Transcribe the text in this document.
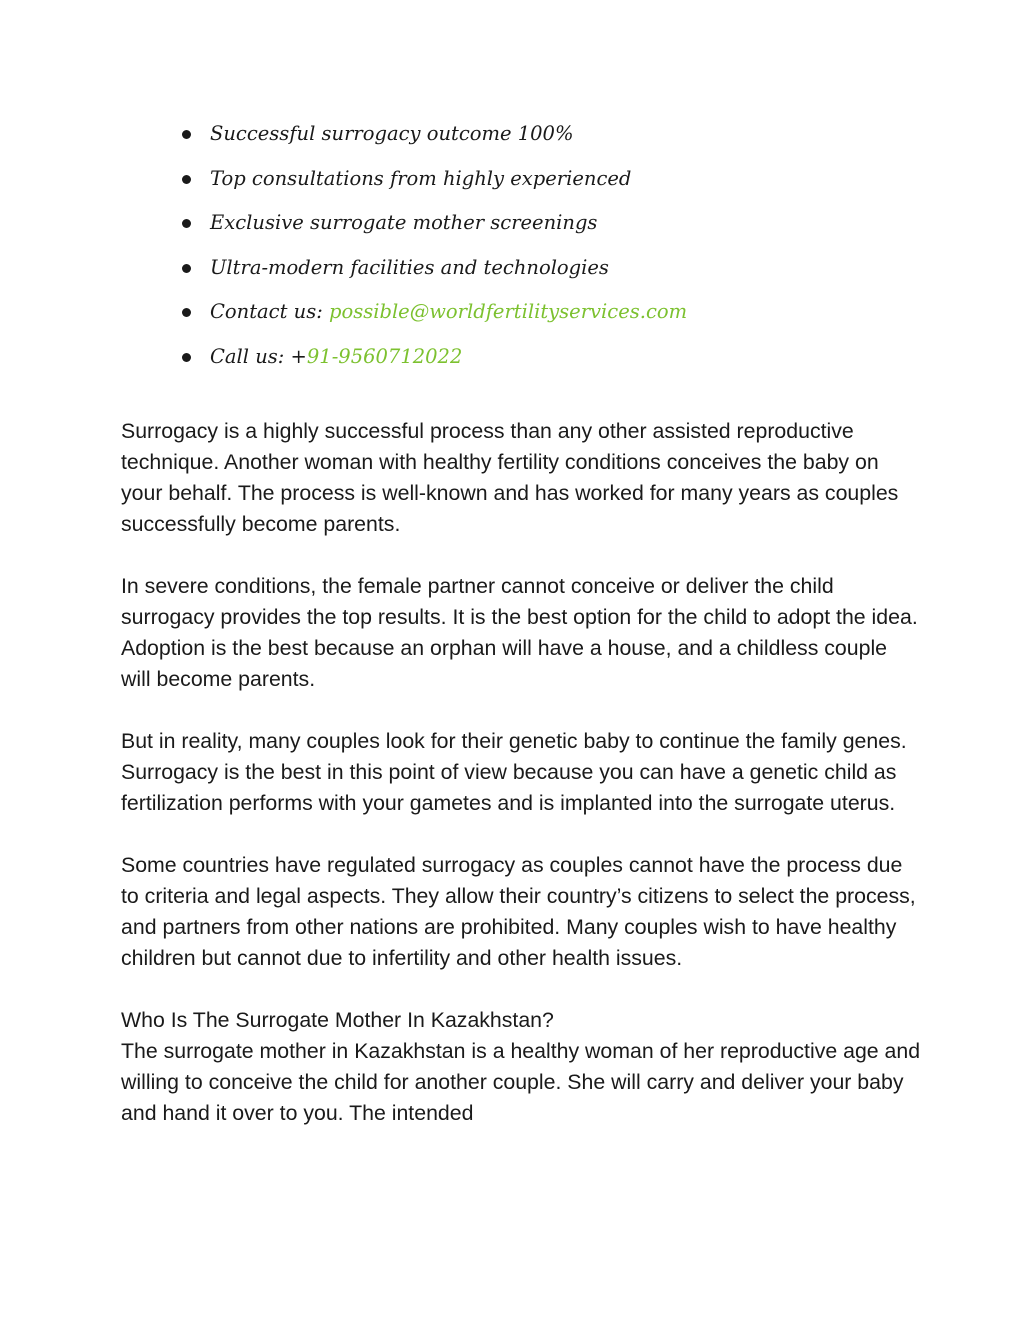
Successful surrogacy outcome 100%
Top consultations from highly experienced
Exclusive surrogate mother screenings
Ultra-modern facilities and technologies
Contact us: possible@worldfertilityservices.com
Call us: +91-9560712022

Surrogacy is a highly successful process than any other assisted reproductive technique. Another woman with healthy fertility conditions conceives the baby on your behalf. The process is well-known and has worked for many years as couples successfully become parents.

In severe conditions, the female partner cannot conceive or deliver the child surrogacy provides the top results. It is the best option for the child to adopt the idea. Adoption is the best because an orphan will have a house, and a childless couple will become parents.

But in reality, many couples look for their genetic baby to continue the family genes. Surrogacy is the best in this point of view because you can have a genetic child as fertilization performs with your gametes and is implanted into the surrogate uterus.

Some countries have regulated surrogacy as couples cannot have the process due to criteria and legal aspects. They allow their country’s citizens to select the process, and partners from other nations are prohibited. Many couples wish to have healthy children but cannot due to infertility and other health issues.

Who Is The Surrogate Mother In Kazakhstan?

The surrogate mother in Kazakhstan is a healthy woman of her reproductive age and willing to conceive the child for another couple. She will carry and deliver your baby and hand it over to you. The intended
